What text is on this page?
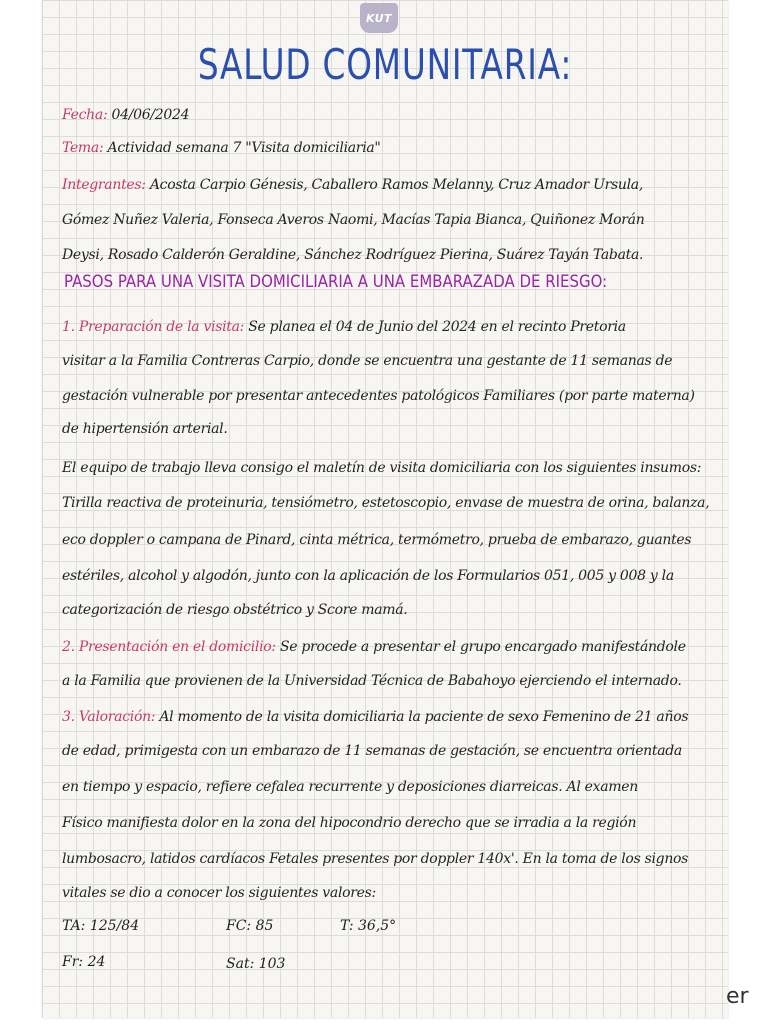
KUT
SALUD COMUNITARIA:
Fecha:
04/06/2024
Tema:
Actividad semana 7 "Visita domiciliaria"
Integrantes:
Acosta Carpio Génesis, Caballero Ramos Melanny, Cruz Amador Ursula,
Gómez Nuñez Valeria, Fonseca Averos Naomi, Macías Tapia Bianca, Quiñonez Morán
Deysi, Rosado Calderón Geraldine, Sánchez Rodríguez Pierina, Suárez Tayán Tabata.
PASOS PARA UNA VISITA DOMICILIARIA A UNA EMBARAZADA DE RIESGO:
1. Preparación de la visita:
Se planea el 04 de Junio del 2024 en el recinto Pretoria
visitar a la Familia Contreras Carpio, donde se encuentra una gestante de 11 semanas de
gestación vulnerable por presentar antecedentes patológicos Familiares (por parte materna)
de hipertensión arterial.
El equipo de trabajo lleva consigo el maletín de visita domiciliaria con los siguientes insumos:
Tirilla reactiva de proteinuria, tensiómetro, estetoscopio, envase de muestra de orina, balanza,
eco doppler o campana de Pinard, cinta métrica, termómetro, prueba de embarazo, guantes
estériles, alcohol y algodón, junto con la aplicación de los Formularios 051, 005 y 008 y la
categorización de riesgo obstétrico y Score mamá.
2. Presentación en el domicilio:
Se procede a presentar el grupo encargado manifestándole
a la Familia que provienen de la Universidad Técnica de Babahoyo ejerciendo el internado.
3. Valoración:
Al momento de la visita domiciliaria la paciente de sexo Femenino de 21 años
de edad, primigesta con un embarazo de 11 semanas de gestación, se encuentra orientada
en tiempo y espacio, refiere cefalea recurrente y deposiciones diarreicas. Al examen
Físico manifiesta dolor en la zona del hipocondrio derecho que se irradia a la región
lumbosacro, latidos cardíacos Fetales presentes por doppler 140x'. En la toma de los signos
vitales se dio a conocer los siguientes valores:
TA: 125/84	FC: 85	T: 36,5°
Fr: 24	Sat: 103
er
